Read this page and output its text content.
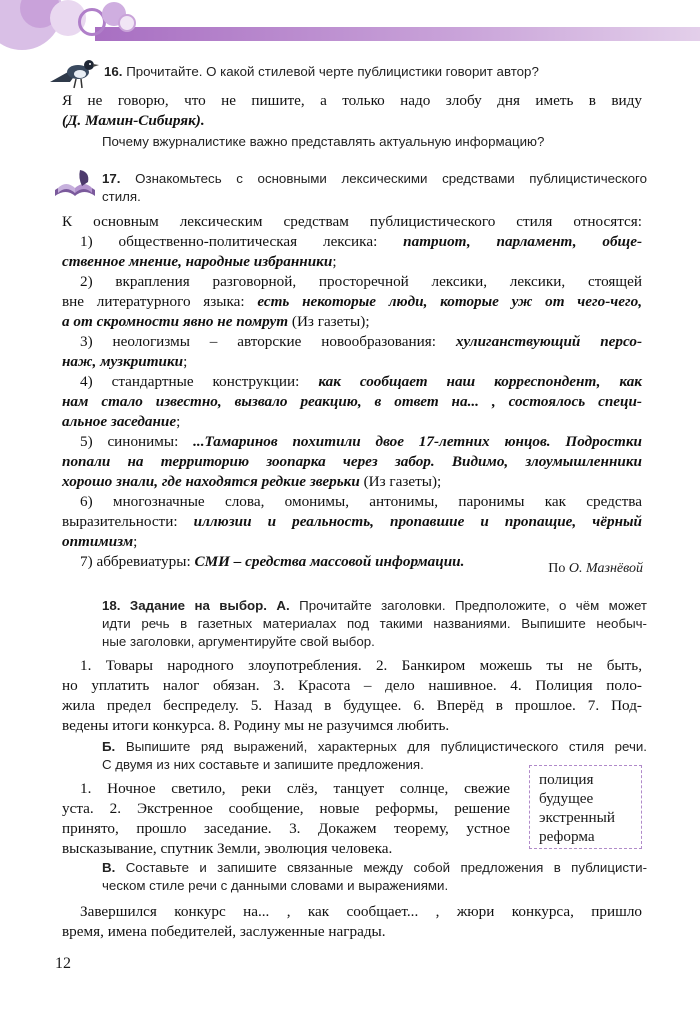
16. Прочитайте. О какой стилевой черте публицистики говорит автор?
Я не говорю, что не пишите, а только надо злобу дня иметь в виду
(Д. Мамин-Сибиряк).
Почему вжурналистике важно представлять актуальную информацию?
17. Ознакомьтесь с основными лексическими средствами публицистического
стиля.
К основным лексическим средствам публицистического стиля относятся:
1) общественно-политическая лексика: патриот, парламент, обще-
ственное мнение, народные избранники;
2) вкрапления разговорной, просторечной лексики, лексики, стоящей
вне литературного языка: есть некоторые люди, которые уж от чего-чего,
а от скромности явно не помрут (Из газеты);
3) неологизмы – авторские новообразования: хулиганствующий персо-
наж, музкритики;
4) стандартные конструкции: как сообщает наш корреспондент, как
нам стало известно, вызвало реакцию, в ответ на... , состоялось специ-
альное заседание;
5) синонимы: ...Тамаринов похитили двое 17-летних юнцов. Подростки
попали на территорию зоопарка через забор. Видимо, злоумышленники
хорошо знали, где находятся редкие зверьки (Из газеты);
6) многозначные слова, омонимы, антонимы, паронимы как средства
выразительности: иллюзии и реальность, пропавшие и пропащие, чёрный
оптимизм;
7) аббревиатуры: СМИ – средства массовой информации.	По О. Мазнёвой
18. Задание на выбор. А. Прочитайте заголовки. Предположите, о чём может
идти речь в газетных материалах под такими названиями. Выпишите необыч-
ные заголовки, аргументируйте свой выбор.
1. Товары народного злоупотребления. 2. Банкиром можешь ты не быть,
но уплатить налог обязан. 3. Красота – дело нашивное. 4. Полиция поло-
жила предел беспределу. 5. Назад в будущее. 6. Вперёд в прошлое. 7. Под-
ведены итоги конкурса. 8. Родину мы не разучимся любить.
Б. Выпишите ряд выражений, характерных для публицистического стиля речи.
С двумя из них составьте и запишите предложения.
1. Ночное светило, реки слёз, танцует солнце, свежие
уста. 2. Экстренное сообщение, новые реформы, решение
принято, прошло заседание. 3. Докажем теорему, устное
высказывание, спутник Земли, эволюция человека.
полиция
будущее
экстренный
реформа
В. Составьте и запишите связанные между собой предложения в публицисти-
ческом стиле речи с данными словами и выражениями.
Завершился конкурс на... , как сообщает... , жюри конкурса, пришло
время, имена победителей, заслуженные награды.
12
